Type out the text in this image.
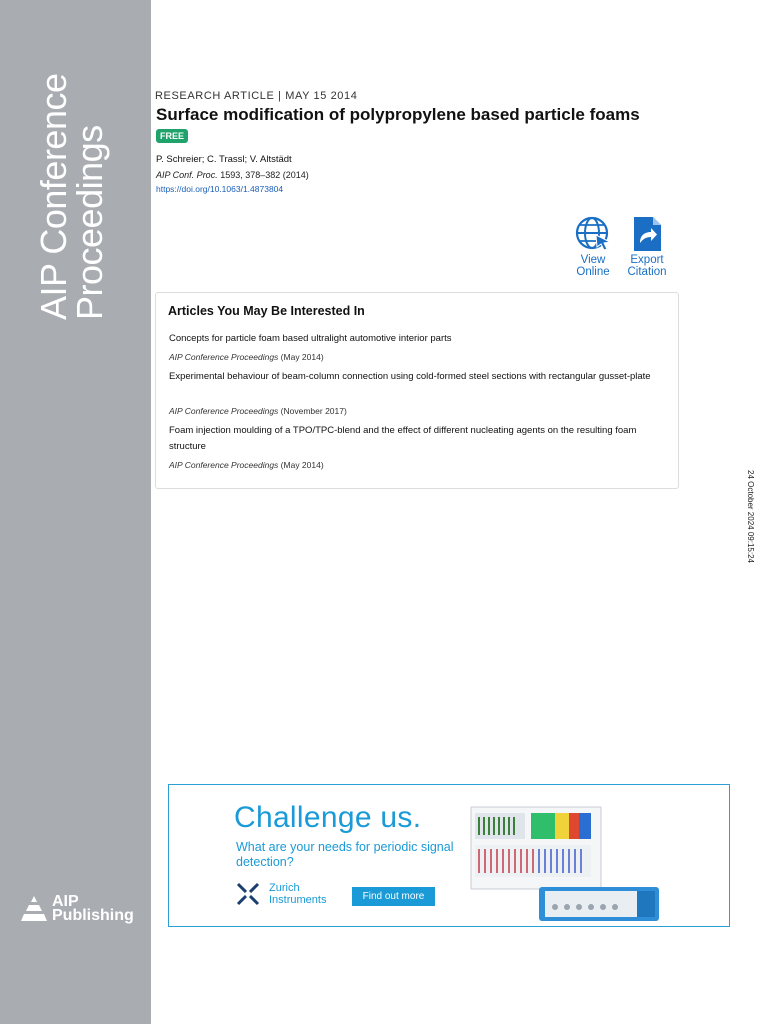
AIP Conference
Proceedings
AIP
Publishing
RESEARCH ARTICLE | MAY 15 2014
Surface modification of polypropylene based particle foams
FREE
P. Schreier; C. Trassl; V. Altstädt
AIP Conf. Proc. 1593, 378–382 (2014)
https://doi.org/10.1063/1.4873804
View
Online
Export
Citation
Articles You May Be Interested In
Concepts for particle foam based ultralight automotive interior parts
AIP Conference Proceedings (May 2014)
Experimental behaviour of beam-column connection using cold-formed steel sections with rectangular gusset-plate
AIP Conference Proceedings (November 2017)
Foam injection moulding of a TPO/TPC-blend and the effect of different nucleating agents on the resulting foam structure
AIP Conference Proceedings (May 2014)
24 October 2024 09:15:24
Challenge us.
What are your needs for periodic signal detection?
Zurich
Instruments	Find out more
